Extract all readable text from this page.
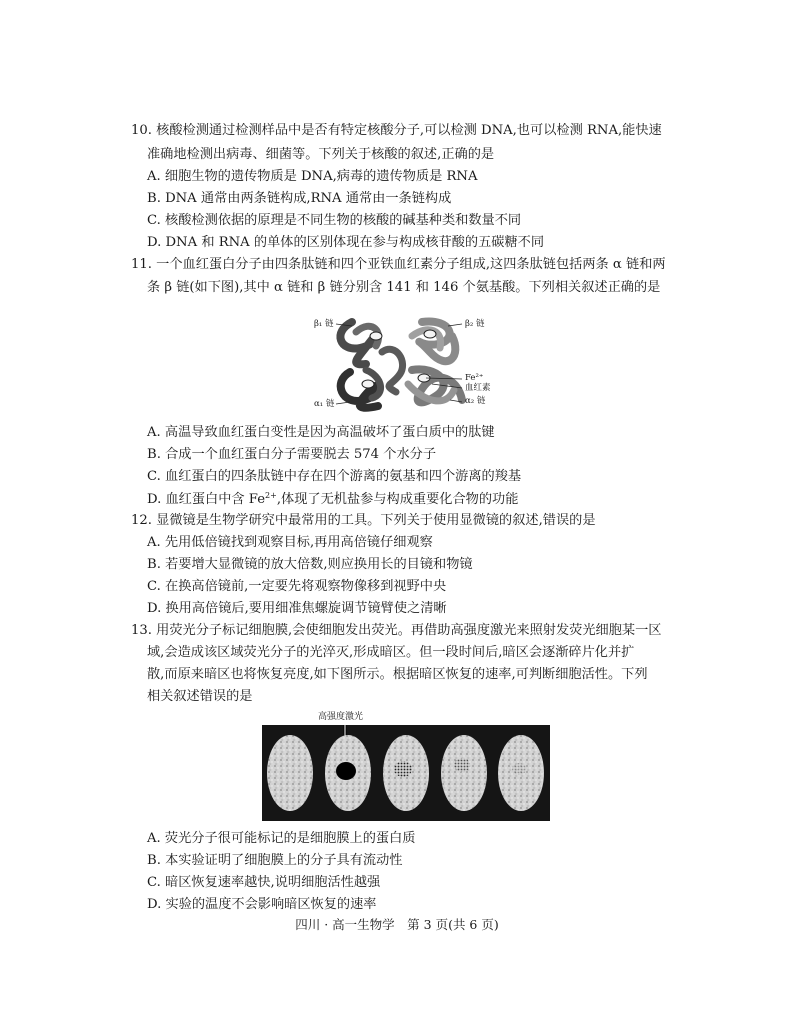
10. 核酸检测通过检测样品中是否有特定核酸分子,可以检测 DNA,也可以检测 RNA,能快速
准确地检测出病毒、细菌等。下列关于核酸的叙述,正确的是
A. 细胞生物的遗传物质是 DNA,病毒的遗传物质是 RNA
B. DNA 通常由两条链构成,RNA 通常由一条链构成
C. 核酸检测依据的原理是不同生物的核酸的碱基种类和数量不同
D. DNA 和 RNA 的单体的区别体现在参与构成核苷酸的五碳糖不同
11. 一个血红蛋白分子由四条肽链和四个亚铁血红素分子组成,这四条肽链包括两条 α 链和两
条 β 链(如下图),其中 α 链和 β 链分别含 141 和 146 个氨基酸。下列相关叙述正确的是
β₁ 链	β₂ 链
Fe²⁺
血红素
α₁ 链	α₂ 链
A. 高温导致血红蛋白变性是因为高温破坏了蛋白质中的肽键
B. 合成一个血红蛋白分子需要脱去 574 个水分子
C. 血红蛋白的四条肽链中存在四个游离的氨基和四个游离的羧基
D. 血红蛋白中含 $Fe^{2+}$,体现了无机盐参与构成重要化合物的功能
12. 显微镜是生物学研究中最常用的工具。下列关于使用显微镜的叙述,错误的是
A. 先用低倍镜找到观察目标,再用高倍镜仔细观察
B. 若要增大显微镜的放大倍数,则应换用长的目镜和物镜
C. 在换高倍镜前,一定要先将观察物像移到视野中央
D. 换用高倍镜后,要用细准焦螺旋调节镜臂使之清晰
13. 用荧光分子标记细胞膜,会使细胞发出荧光。再借助高强度激光来照射发荧光细胞某一区
域,会造成该区域荧光分子的光淬灭,形成暗区。但一段时间后,暗区会逐渐碎片化并扩
散,而原来暗区也将恢复亮度,如下图所示。根据暗区恢复的速率,可判断细胞活性。下列
相关叙述错误的是
高强度激光
A. 荧光分子很可能标记的是细胞膜上的蛋白质
B. 本实验证明了细胞膜上的分子具有流动性
C. 暗区恢复速率越快,说明细胞活性越强
D. 实验的温度不会影响暗区恢复的速率
四川 · 高一生物学　第 3 页(共 6 页)
